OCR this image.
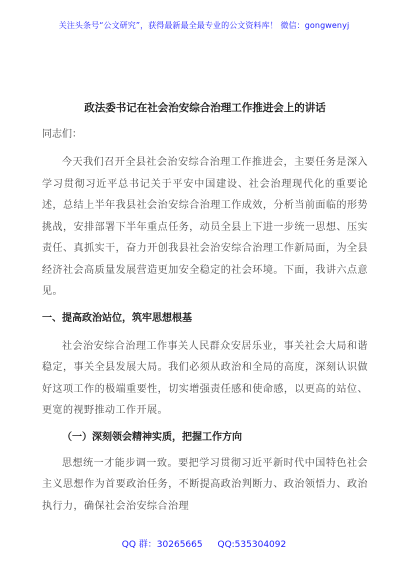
关注头条号“公文研究”，获得最新最全最专业的公文资料库！ 微信：gongwenyj
政法委书记在社会治安综合治理工作推进会上的讲话
同志们：

今天我们召开全县社会治安综合治理工作推进会，主要任务是深入学习贯彻习近平总书记关于平安中国建设、社会治理现代化的重要论述，总结上半年我县社会治安综合治理工作成效，分析当前面临的形势挑战，安排部署下半年重点任务，动员全县上下进一步统一思想、压实责任、真抓实干，奋力开创我县社会治安综合治理工作新局面，为全县经济社会高质量发展营造更加安全稳定的社会环境。下面，我讲六点意见。

一、提高政治站位，筑牢思想根基

社会治安综合治理工作事关人民群众安居乐业，事关社会大局和谐稳定，事关全县发展大局。我们必须从政治和全局的高度，深刻认识做好这项工作的极端重要性，切实增强责任感和使命感，以更高的站位、更宽的视野推动工作开展。

（一）深刻领会精神实质，把握工作方向

思想统一才能步调一致。要把学习贯彻习近平新时代中国特色社会主义思想作为首要政治任务，不断提高政治判断力、政治领悟力、政治执行力，确保社会治安综合治理

QQ 群：30265665 QQ:535304092
